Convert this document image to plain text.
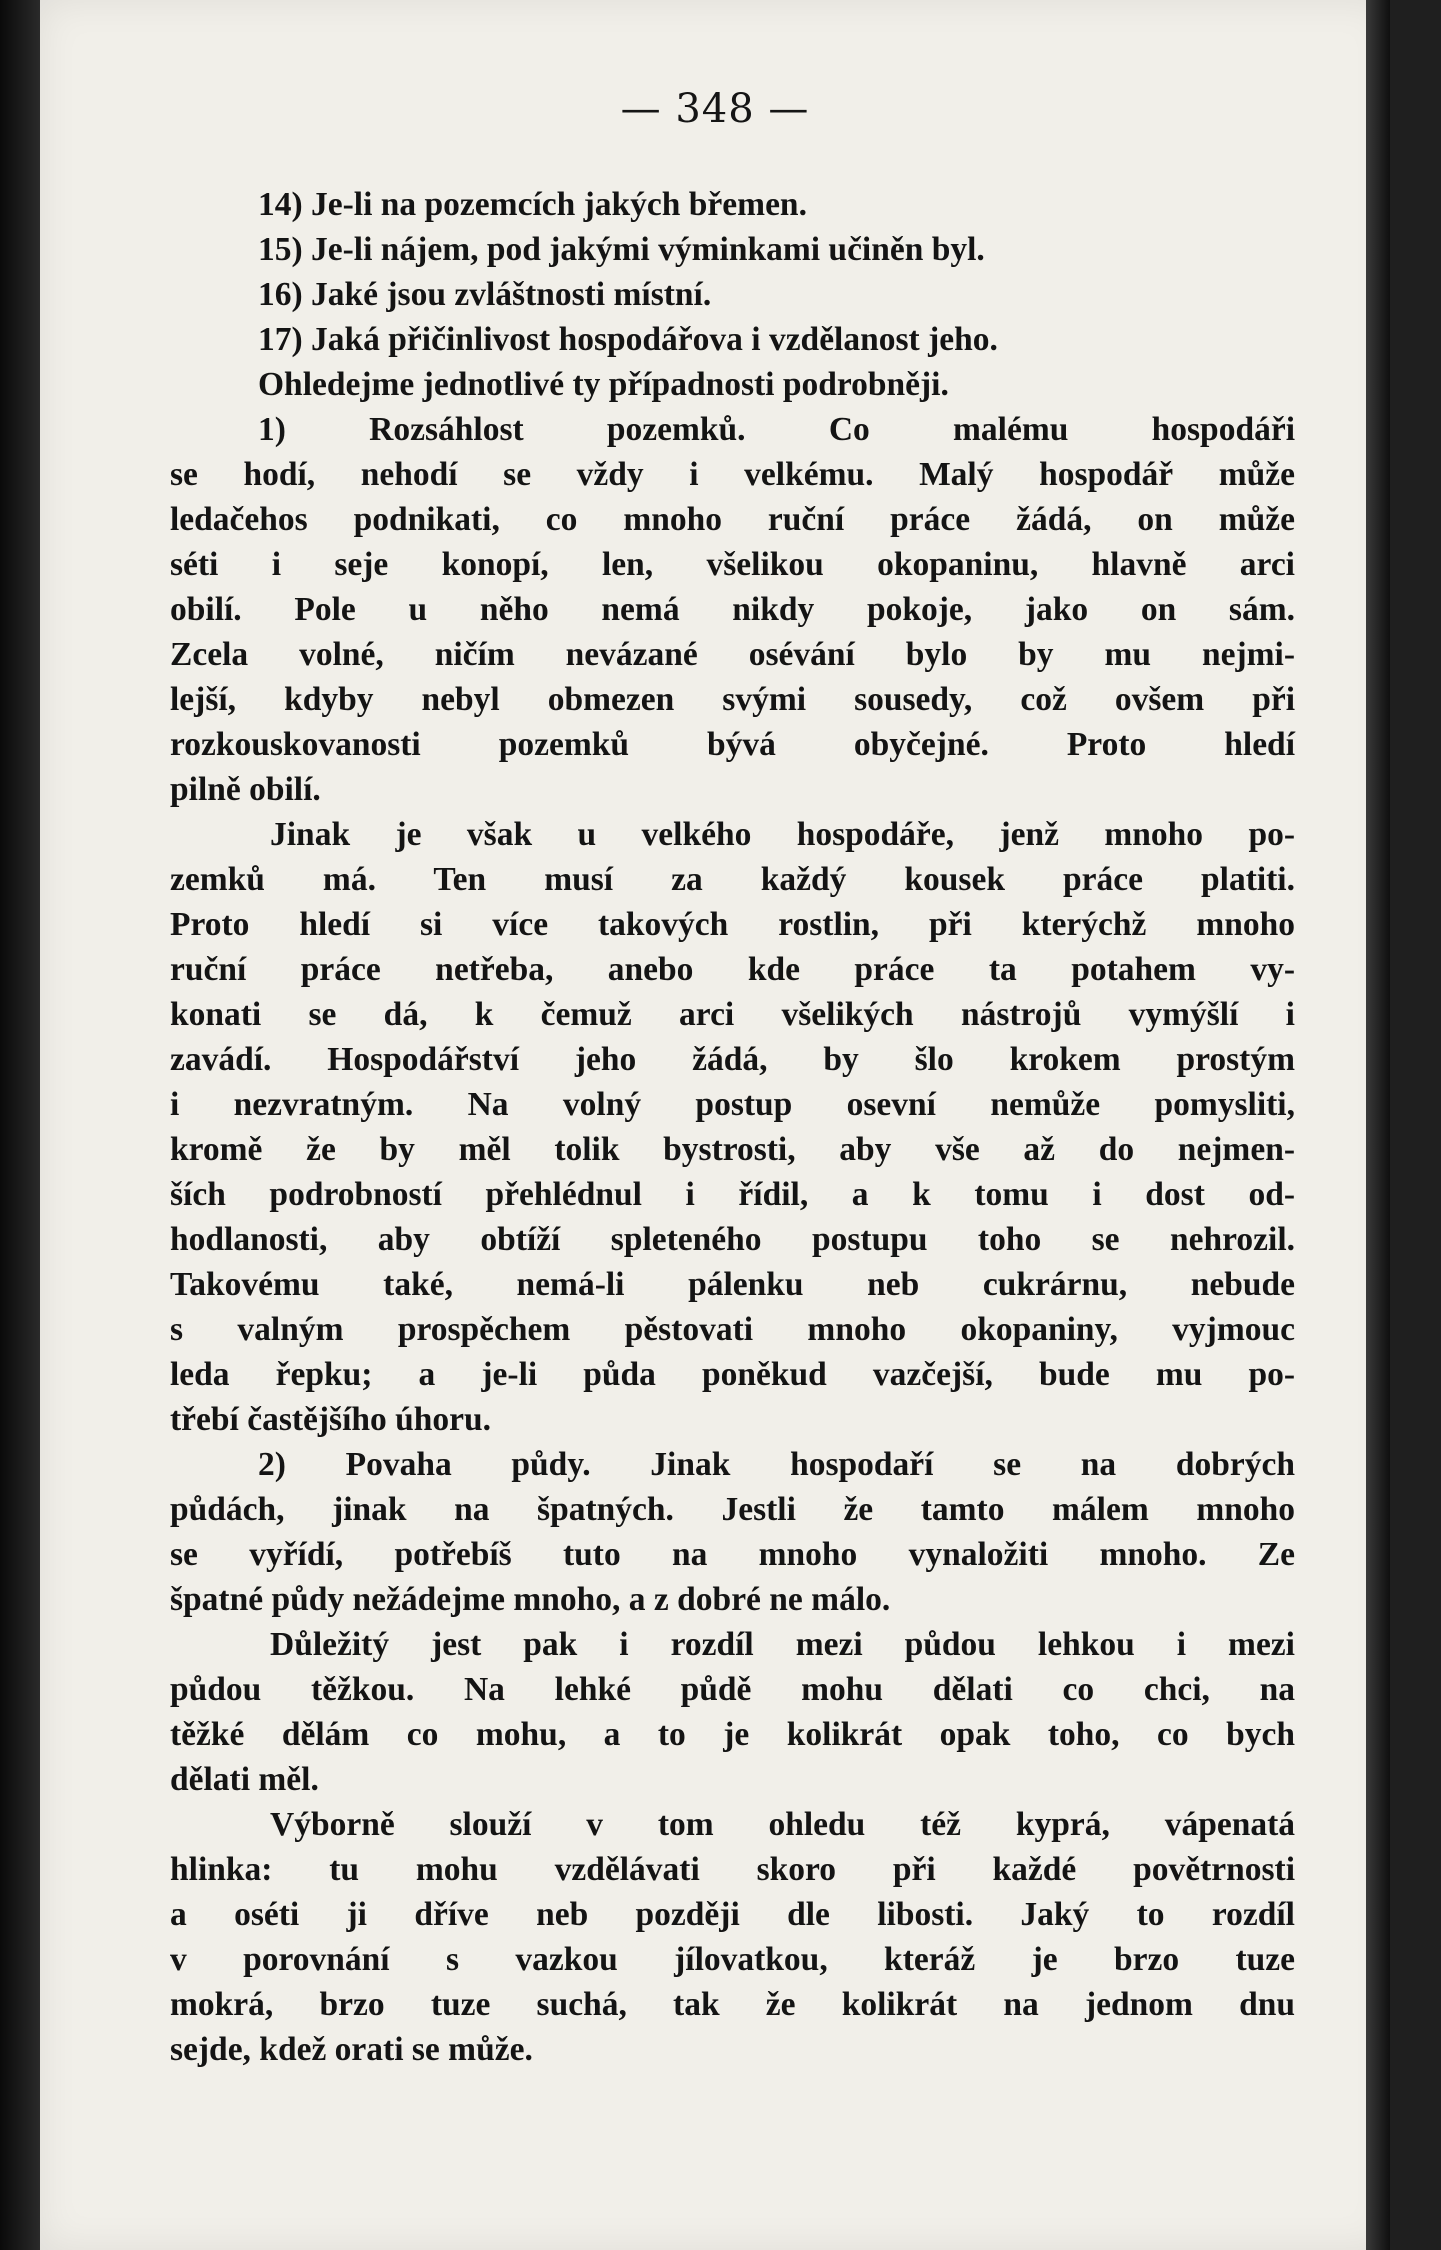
— 348 —
14) Je-li na pozemcích jakých břemen.
15) Je-li nájem, pod jakými výminkami učiněn byl.
16) Jaké jsou zvláštnosti místní.
17) Jaká přičinlivost hospodářova i vzdělanost jeho.
Ohledejme jednotlivé ty případnosti podrobněji.
1) Rozsáhlost pozemků. Co malému hospodáři
se hodí, nehodí se vždy i velkému. Malý hospodář může
ledačehos podnikati, co mnoho ruční práce žádá, on může
séti i seje konopí, len, všelikou okopaninu, hlavně arci
obilí. Pole u něho nemá nikdy pokoje, jako on sám.
Zcela volné, ničím nevázané osévání bylo by mu nejmi-
lejší, kdyby nebyl obmezen svými sousedy, což ovšem při
rozkouskovanosti pozemků bývá obyčejné. Proto hledí
pilně obilí.
Jinak je však u velkého hospodáře, jenž mnoho po-
zemků má. Ten musí za každý kousek práce platiti.
Proto hledí si více takových rostlin, při kterýchž mnoho
ruční práce netřeba, anebo kde práce ta potahem vy-
konati se dá, k čemuž arci všelikých nástrojů vymýšlí i
zavádí. Hospodářství jeho žádá, by šlo krokem prostým
i nezvratným. Na volný postup osevní nemůže pomysliti,
kromě že by měl tolik bystrosti, aby vše až do nejmen-
ších podrobností přehlédnul i řídil, a k tomu i dost od-
hodlanosti, aby obtíží spleteného postupu toho se nehrozil.
Takovému také, nemá-li pálenku neb cukrárnu, nebude
s valným prospěchem pěstovati mnoho okopaniny, vyjmouc
leda řepku; a je-li půda poněkud vazčejší, bude mu po-
třebí častějšího úhoru.
2) Povaha půdy. Jinak hospodaří se na dobrých
půdách, jinak na špatných. Jestli že tamto málem mnoho
se vyřídí, potřebíš tuto na mnoho vynaložiti mnoho. Ze
špatné půdy nežádejme mnoho, a z dobré ne málo.
Důležitý jest pak i rozdíl mezi půdou lehkou i mezi
půdou těžkou. Na lehké půdě mohu dělati co chci, na
těžké dělám co mohu, a to je kolikrát opak toho, co bych
dělati měl.
Výborně slouží v tom ohledu též kyprá, vápenatá
hlinka: tu mohu vzdělávati skoro při každé povětrnosti
a oséti ji dříve neb později dle libosti. Jaký to rozdíl
v porovnání s vazkou jílovatkou, kteráž je brzo tuze
mokrá, brzo tuze suchá, tak že kolikrát na jednom dnu
sejde, kdež orati se může.
